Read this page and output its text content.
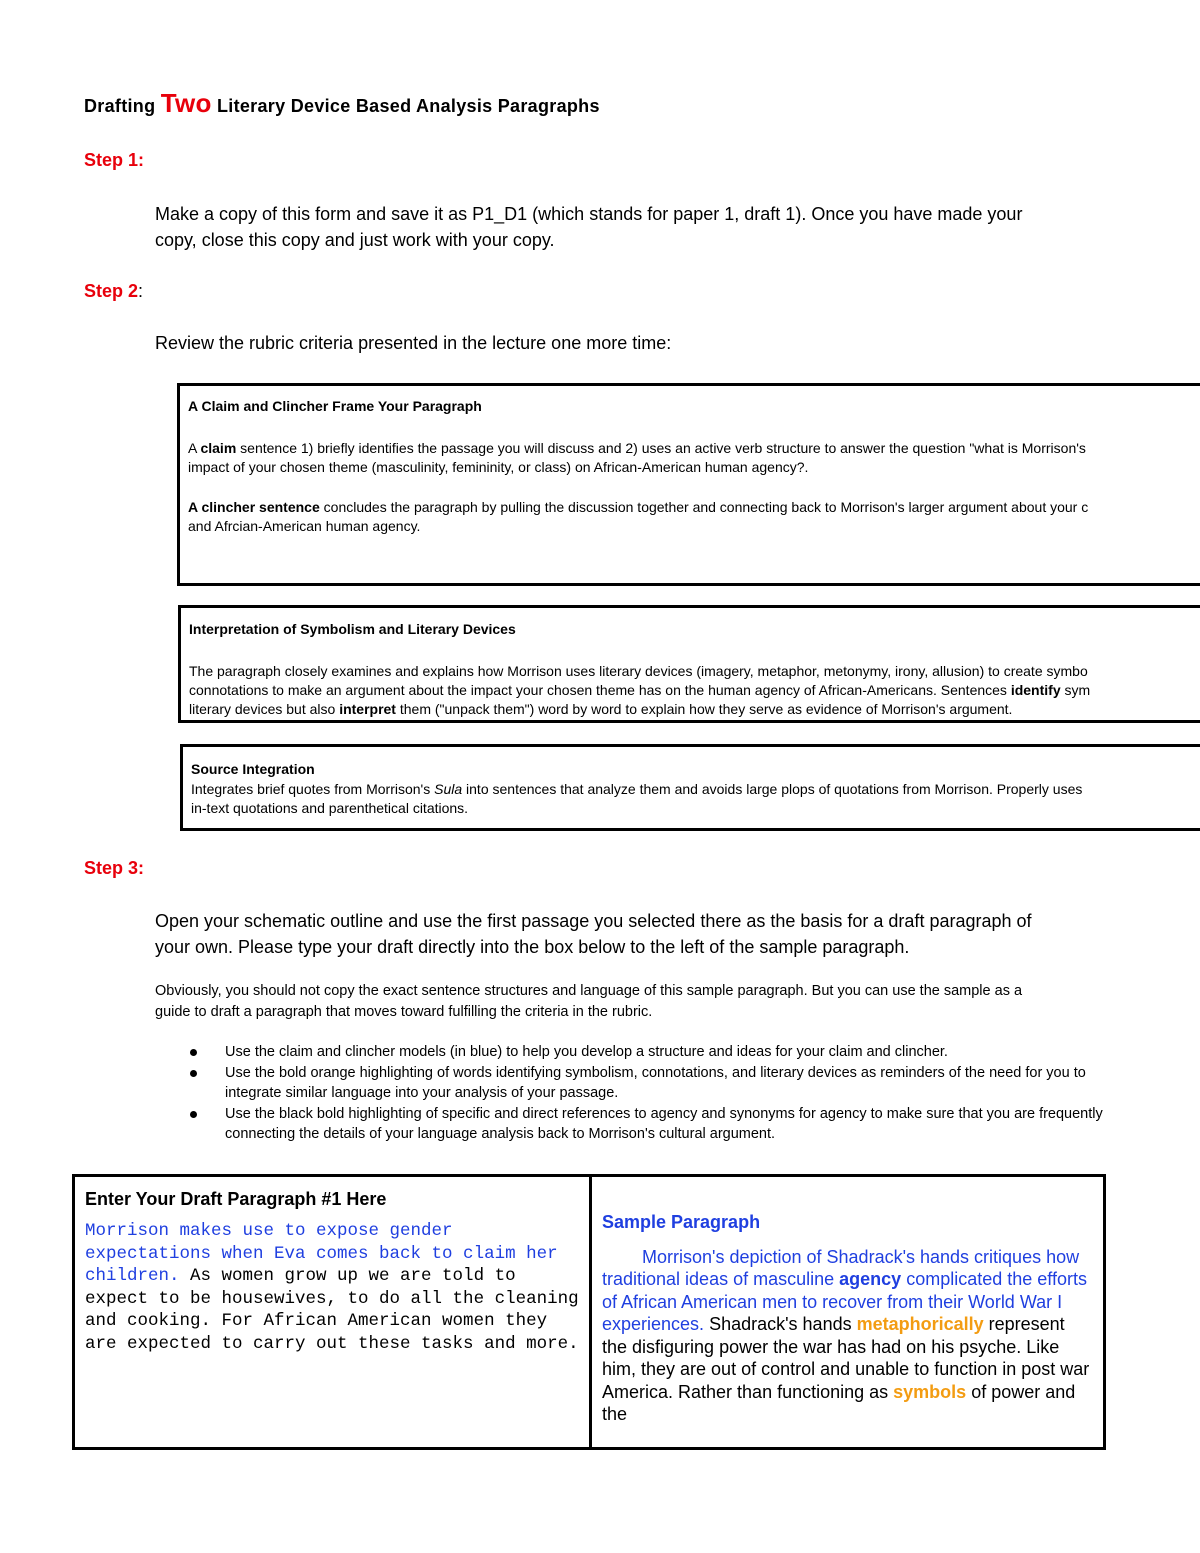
Drafting Two Literary Device Based Analysis Paragraphs
Step 1:
Make a copy of this form and save it as P1_D1 (which stands for paper 1, draft 1). Once you have made your
copy, close this copy and just work with your copy.
Step 2:
Review the rubric criteria presented in the lecture one more time:
A Claim and Clincher Frame Your Paragraph
A claim sentence 1) briefly identifies the passage you will discuss and 2) uses an active verb structure to answer the question "what is Morrison's
impact of your chosen theme (masculinity, femininity, or class) on African-American human agency?.
A clincher sentence concludes the paragraph by pulling the discussion together and connecting back to Morrison's larger argument about your c
and Afrcian-American human agency.
Interpretation of Symbolism and Literary Devices
The paragraph closely examines and explains how Morrison uses literary devices (imagery, metaphor, metonymy, irony, allusion) to create symbo
connotations to make an argument about the impact your chosen theme has on the human agency of African-Americans. Sentences identify sym
literary devices but also interpret them ("unpack them") word by word to explain how they serve as evidence of Morrison's argument.
Source Integration
Integrates brief quotes from Morrison's Sula into sentences that analyze them and avoids large plops of quotations from Morrison. Properly uses
in-text quotations and parenthetical citations.
Step 3:
Open your schematic outline and use the first passage you selected there as the basis for a draft paragraph of
your own. Please type your draft directly into the box below to the left of the sample paragraph.
Obviously, you should not copy the exact sentence structures and language of this sample paragraph. But you can use the sample as a
guide to draft a paragraph that moves toward fulfilling the criteria in the rubric.
Use the claim and clincher models (in blue) to help you develop a structure and ideas for your claim and clincher.
Use the bold orange highlighting of words identifying symbolism, connotations, and literary devices as reminders of the need for you to integrate similar language into your analysis of your passage.
Use the black bold highlighting of specific and direct references to agency and synonyms for agency to make sure that you are frequently connecting the details of your language analysis back to Morrison's cultural argument.
Enter Your Draft Paragraph #1 Here
Morrison makes use to expose gender expectations when Eva comes back to claim her children. As women grow up we are told to expect to be housewives, to do all the cleaning and cooking. For African American women they are expected to carry out these tasks and more.

Sample Paragraph
Morrison's depiction of Shadrack's hands critiques how traditional ideas of masculine agency complicated the efforts of African American men to recover from their World War I experiences. Shadrack's hands metaphorically represent the disfiguring power the war has had on his psyche. Like him, they are out of control and unable to function in post war America. Rather than functioning as symbols of power and the
